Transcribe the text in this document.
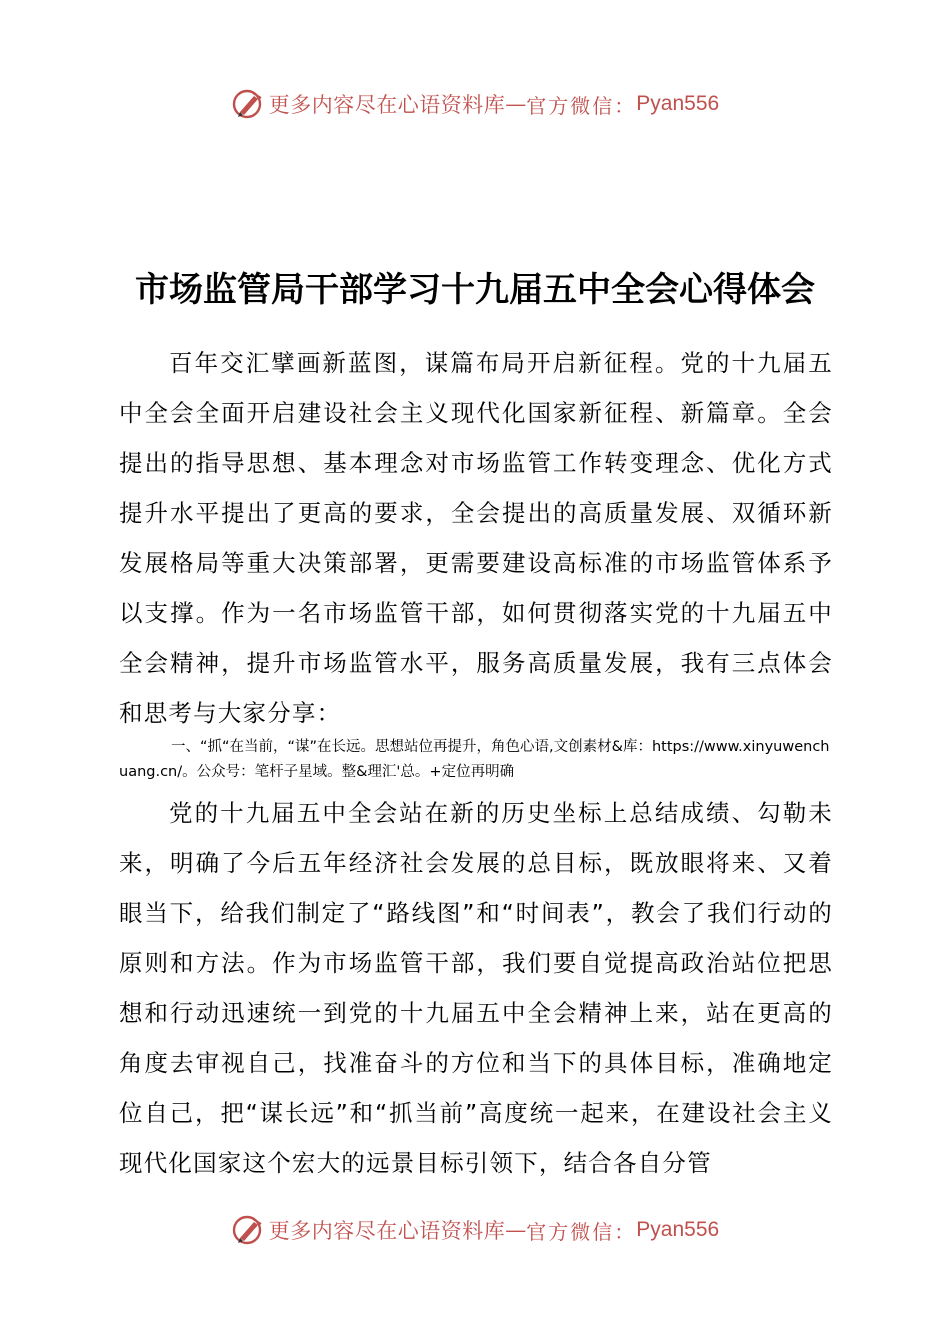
更多内容尽在心语资料库 — 官方微信： Pyan556
市场监管局干部学习十九届五中全会心得体会

百年交汇擘画新蓝图，谋篇布局开启新征程。党的十九届五中全会全面开启建设社会主义现代化国家新征程、新篇章。全会提出的指导思想、基本理念对市场监管工作转变理念、优化方式提升水平提出了更高的要求，全会提出的高质量发展、双循环新发展格局等重大决策部署，更需要建设高标准的市场监管体系予以支撑。作为一名市场监管干部，如何贯彻落实党的十九届五中全会精神，提升市场监管水平，服务高质量发展，我有三点体会和思考与大家分享：

一、“抓“在当前，“谋”在长远。思想站位再提升，角色心语,文创素材&库：https://www.xinyuwenchuang.cn/。公众号：笔杆子星域。整&理汇'总。+定位再明确

党的十九届五中全会站在新的历史坐标上总结成绩、勾勒未来，明确了今后五年经济社会发展的总目标，既放眼将来、又着眼当下，给我们制定了“路线图”和“时间表”，教会了我们行动的原则和方法。作为市场监管干部，我们要自觉提高政治站位把思想和行动迅速统一到党的十九届五中全会精神上来，站在更高的角度去审视自己，找准奋斗的方位和当下的具体目标，准确地定位自己，把“谋长远”和“抓当前”高度统一起来，在建设社会主义现代化国家这个宏大的远景目标引领下，结合各自分管

更多内容尽在心语资料库 — 官方微信： Pyan556
